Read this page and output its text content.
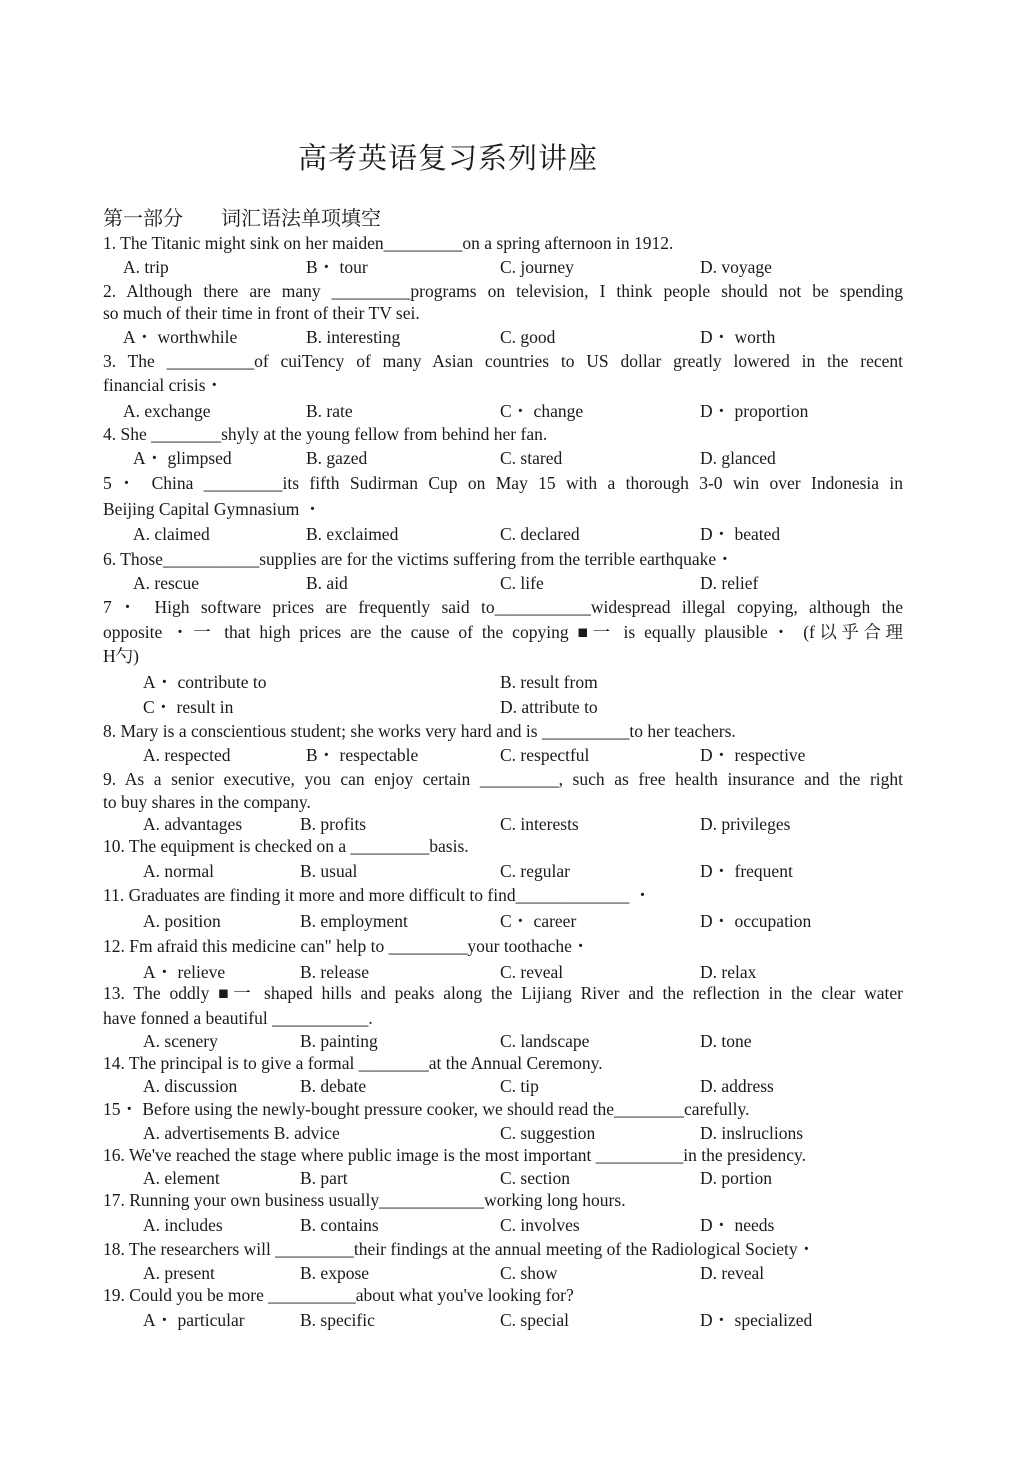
高考英语复习系列讲座
第一部分 词汇语法单项填空
1. The Titanic might sink on her maiden_________on a spring afternoon in 1912.
A. trip	B・ tour	C. journey	D. voyage
2. Although there are many _________programs on television, I think people should not be spending
so much of their time in front of their TV sei.
A・ worthwhile	B. interesting	C. good	D・ worth
3. The __________of cuiTency of many Asian countries to US dollar greatly lowered in the recent
financial crisis・
A. exchange	B. rate	C・ change	D・ proportion
4. She ________shyly at the young fellow from behind her fan.
A・ glimpsed	B. gazed	C. stared	D. glanced
5・ China _________its fifth Sudirman Cup on May 15 with a thorough 3-0 win over Indonesia in
Beijing Capital Gymnasium ・
A. claimed	B. exclaimed	C. declared	D・ beated
6. Those___________supplies are for the victims suffering from the terrible earthquake・
A. rescue	B. aid	C. life	D. relief
7・ High software prices are frequently said to___________widespread illegal copying, although the
opposite ・一 that high prices are the cause of the copying ■一 is equally plausible・ (f以乎合理
H勺)
A・ contribute to	B. result from
C・ result in	D. attribute to
8. Mary is a conscientious student; she works very hard and is __________to her teachers.
A. respected	B・ respectable	C. respectful	D・ respective
9. As a senior executive, you can enjoy certain _________, such as free health insurance and the right
to buy shares in the company.
A. advantages	B. profits	C. interests	D. privileges
10. The equipment is checked on a _________basis.
A. normal	B. usual	C. regular	D・ frequent
11. Graduates are finding it more and more difficult to find_____________ ・
A. position	B. employment	C・ career	D・ occupation
12. Fm afraid this medicine can" help to _________your toothache・
A・ relieve	B. release	C. reveal	D. relax
13. The oddly ■一 shaped hills and peaks along the Lijiang River and the reflection in the clear water
have fonned a beautiful ___________.
A. scenery	B. painting	C. landscape	D. tone
14. The principal is to give a formal ________at the Annual Ceremony.
A. discussion	B. debate	C. tip	D. address
15・ Before using the newly-bought pressure cooker, we should read the________carefully.
A. advertisements B. advice	C. suggestion	D. inslruclions
16. We've reached the stage where public image is the most important __________in the presidency.
A. element	B. part	C. section	D. portion
17. Running your own business usually____________working long hours.
A. includes	B. contains	C. involves	D・ needs
18. The researchers will _________their findings at the annual meeting of the Radiological Society・
A. present	B. expose	C. show	D. reveal
19. Could you be more __________about what you've looking for?
A・ particular	B. specific	C. special	D・ specialized
